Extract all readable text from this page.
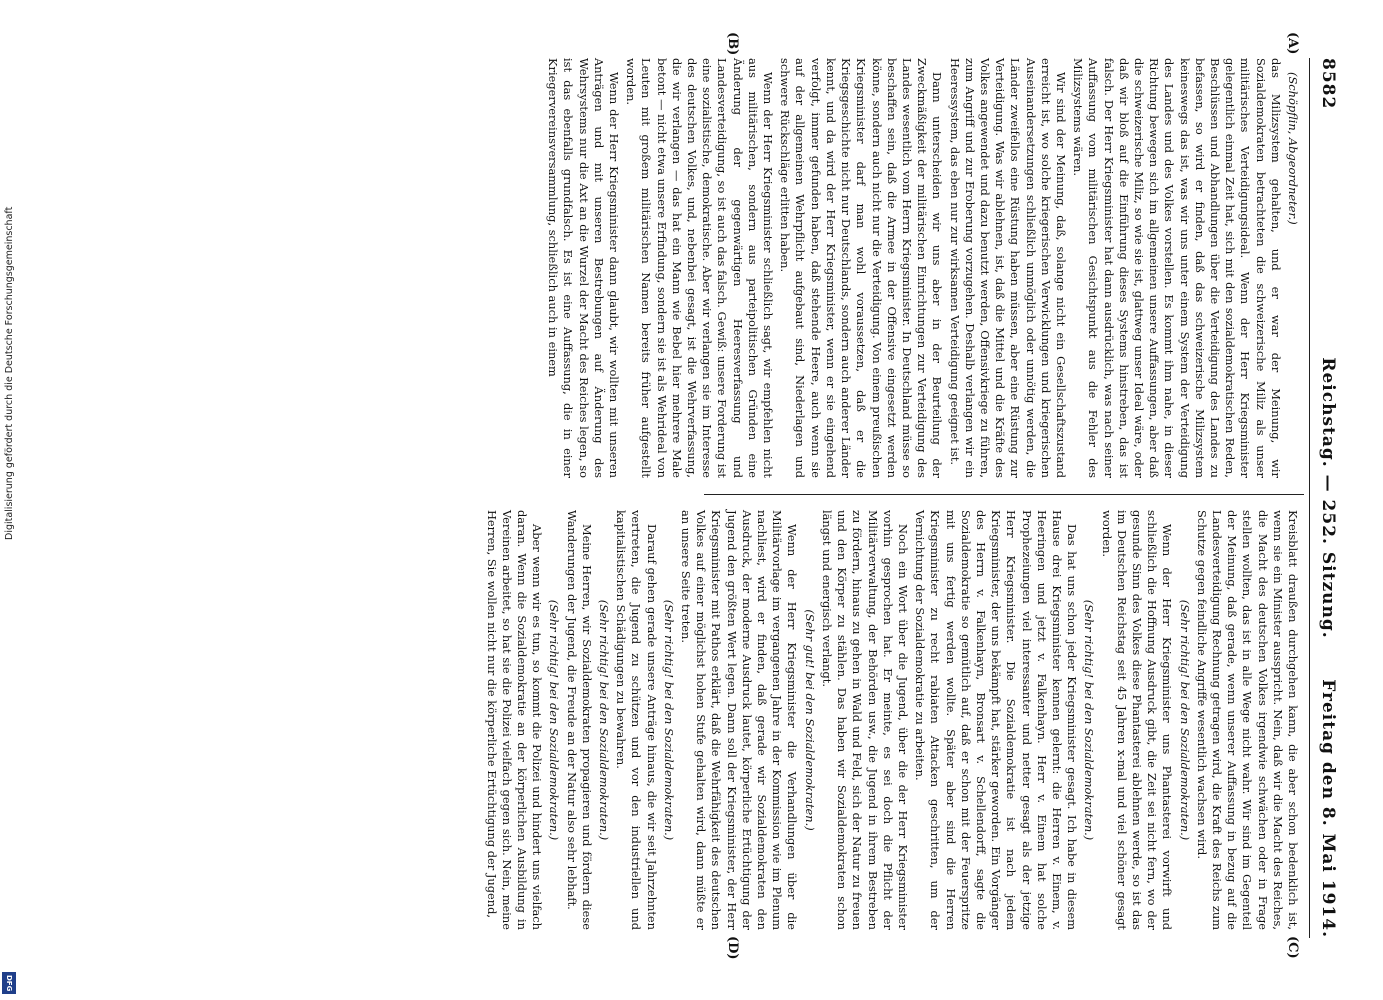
8582
Reichstag. — 252. Sitzung.
Freitag den 8. Mai 1914.
(A)
(B)
(C)
(D)

(Schöpflin, Abgeordneter.)

das Milizsystem gehalten, und er war der Meinung, wir Sozialdemokraten betrachteten die schweizerische Miliz als unser militärisches Verteidigungsideal. Wenn der Herr Kriegsminister gelegentlich einmal Zeit hat, sich mit den sozialdemokratischen Reden, Beschlüssen und Abhandlungen über die Verteidigung des Landes zu befassen, so wird er finden, daß das schweizerische Milizsystem keineswegs das ist, was wir uns unter einem System der Verteidigung des Landes und des Volkes vorstellen. Es kommt ihm nahe, in dieser Richtung bewegen sich im allgemeinen unsere Auffassungen, aber daß die schweizerische Miliz, so wie sie ist, glattweg unser Ideal wäre, oder daß wir bloß auf die Einführung dieses Systems hinstreben, das ist falsch. Der Herr Kriegsminister hat dann ausdrücklich, was nach seiner Auffassung vom militärischen Gesichtspunkt aus die Fehler des Milizsystems wären.

Wir sind der Meinung, daß, solange nicht ein Gesellschaftszustand erreicht ist, wo solche kriegerischen Verwicklungen und kriegerischen Auseinandersetzungen schließlich unmöglich oder unnötig werden, die Länder zweifellos eine Rüstung haben müssen, aber eine Rüstung zur Verteidigung. Was wir ablehnen, ist, daß die Mittel und die Kräfte des Volkes angewendet und dazu benutzt werden, Offensivkriege zu führen, zum Angriff und zur Eroberung vorzugehen. Deshalb verlangen wir ein Heeressystem, das eben nur zur wirksamen Verteidigung geeignet ist.

Dann unterscheiden wir uns aber in der Beurteilung der Zweckmäßigkeit der militärischen Einrichtungen zur Verteidigung des Landes wesentlich vom Herrn Kriegsminister. In Deutschland müsse so beschaffen sein, daß die Armee in der Offensive eingesetzt werden könne, sondern auch nicht nur die Verteidigung. Von einem preußischen Kriegsminister darf man wohl voraussetzen, daß er die Kriegsgeschichte nicht nur Deutschlands, sondern auch anderer Länder kennt, und da wird der Herr Kriegsminister, wenn er sie eingehend verfolgt, immer gefunden haben, daß stehende Heere, auch wenn sie auf der allgemeinen Wehrpflicht aufgebaut sind, Niederlagen und schwere Rückschläge erlitten haben.

Wenn der Herr Kriegsminister schließlich sagt, wir empfehlen nicht aus militärischen, sondern aus parteipolitischen Gründen eine Änderung der gegenwärtigen Heeresverfassung und Landesverteidigung, so ist auch das falsch. Gewiß: unsere Forderung ist eine sozialistische, demokratische. Aber wir verlangen sie im Interesse des deutschen Volkes, und, nebenbei gesagt, ist die Wehrverfassung, die wir verlangen — das hat ein Mann wie Bebel hier mehrere Male betont — nicht etwa unsere Erfindung, sondern sie ist als Wehrideal von Leuten mit großem militärischen Namen bereits früher aufgestellt worden.

Wenn der Herr Kriegsminister dann glaubt, wir wollten mit unseren Anträgen und mit unseren Bestrebungen auf Änderung des Wehrsystems nur die Axt an die Wurzel der Macht des Reiches legen, so ist das ebenfalls grundfalsch. Es ist eine Auffassung, die in einer Kriegervereinsversammlung, schließlich auch in einem

Kreisblatt draußen durchgehen kann, die aber schon bedenklich ist, wenn sie ein Minister ausspricht. Nein, daß wir die Macht des Reiches, die Macht des deutschen Volkes irgendwie schwächen oder in Frage stellen wollten, das ist in alle Wege nicht wahr. Wir sind im Gegenteil der Meinung, daß gerade, wenn unserer Auffassung in bezug auf die Landesverteidigung Rechnung getragen wird, die Kraft des Reichs zum Schutze gegen feindliche Angriffe wesentlich wachsen wird.

(Sehr richtig! bei den Sozialdemokraten.)

Wenn der Herr Kriegsminister uns Phantasterei vorwirft und schließlich die Hoffnung Ausdruck gibt, die Zeit sei nicht fern, wo der gesunde Sinn des Volkes diese Phantasterei ablehnen werde, so ist das im Deutschen Reichstag seit 45 Jahren x-mal und viel schöner gesagt worden.

(Sehr richtig! bei den Sozialdemokraten.)

Das hat uns schon jeder Kriegsminister gesagt. Ich habe in diesem Hause drei Kriegsminister kennen gelernt: die Herren v. Einem, v. Heeringen und jetzt v. Falkenhayn. Herr v. Einem hat solche Prophezeiungen viel interessanter und netter gesagt als der jetzige Herr Kriegsminister. Die Sozialdemokratie ist nach jedem Kriegsminister, der uns bekämpft hat, stärker geworden. Ein Vorgänger des Herrn v. Falkenhayn, Bronsart v. Schellendorff, sagte die Sozialdemokratie so gemütlich auf, daß er schon mit der Feuerspritze mit uns fertig werden wollte. Später aber sind die Herren Kriegsminister zu recht rabiaten Attacken geschritten, um der Vernichtung der Sozialdemokratie zu arbeiten.

Noch ein Wort über die Jugend, über die der Herr Kriegsminister vorhin gesprochen hat. Er meinte, es sei doch die Pflicht der Militärverwaltung, der Behörden usw., die Jugend in ihrem Bestreben zu fördern, hinaus zu gehen in Wald und Feld, sich der Natur zu freuen und den Körper zu stählen. Das haben wir Sozialdemokraten schon längst und energisch verlangt.

(Sehr gut! bei den Sozialdemokraten.)

Wenn der Herr Kriegsminister die Verhandlungen über die Militärvorlage im vergangenen Jahre in der Kommission wie im Plenum nachliest, wird er finden, daß gerade wir Sozialdemokraten den Ausdruck, der moderne Ausdruck lautet, körperliche Ertüchtigung der Jugend den größten Wert legen. Dann soll der Kriegsminister, der Herr Kriegsminister mit Pathos erklärt, daß die Wehrfähigkeit des deutschen Volkes auf einer möglichst hohen Stufe gehalten wird, dann müßte er an unsere Seite treten.

(Sehr richtig! bei den Sozialdemokraten.)

Darauf gehen gerade unsere Anträge hinaus, die wir seit Jahrzehnten vertreten, die Jugend zu schützen und vor den industriellen und kapitalistischen Schädigungen zu bewahren.

(Sehr richtig! bei den Sozialdemokraten.)

Meine Herren, wir Sozialdemokraten propagieren und fördern diese Wanderungen der Jugend, die Freude an der Natur also sehr lebhaft.

(Sehr richtig! bei den Sozialdemokraten.)

Aber wenn wir es tun, so kommt die Polizei und hindert uns vielfach daran. Wenn die Sozialdemokratie an der körperlichen Ausbildung in Vereinen arbeitet, so hat sie die Polizei vielfach gegen sich. Nein, meine Herren, Sie wollen nicht nur die körperliche Ertüchtigung der Jugend,

Digitalisierung gefördert durch die Deutsche Forschungsgemeinschaft
DFG
